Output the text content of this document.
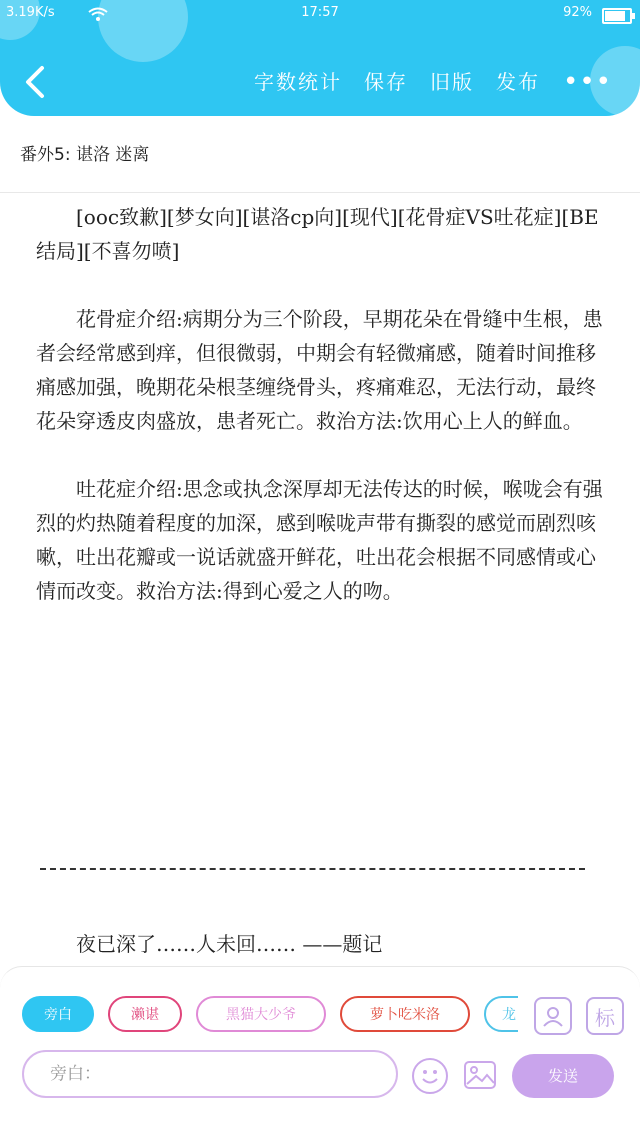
3.19K/s	17:57	92%
字数统计 保存 旧版 发布 •••
番外5: 谌洛 迷离

[ooc致歉][梦女向][谌洛cp向][现代][花骨症VS吐花症][BE结局][不喜勿喷]

花骨症介绍:病期分为三个阶段，早期花朵在骨缝中生根，患者会经常感到痒，但很微弱，中期会有轻微痛感，随着时间推移痛感加强，晚期花朵根茎缠绕骨头，疼痛难忍，无法行动，最终花朵穿透皮肉盛放，患者死亡。救治方法:饮用心上人的鲜血。

吐花症介绍:思念或执念深厚却无法传达的时候，喉咙会有强烈的灼热随着程度的加深，感到喉咙声带有撕裂的感觉而剧烈咳嗽，吐出花瓣或一说话就盛开鲜花，吐出花会根据不同感情或心情而改变。救治方法:得到心爱之人的吻。

夜已深了……人未回…… ——题记
旁白	濑谌	黑猫大少爷	萝卜吃米洛	龙	标
旁白：	发送
